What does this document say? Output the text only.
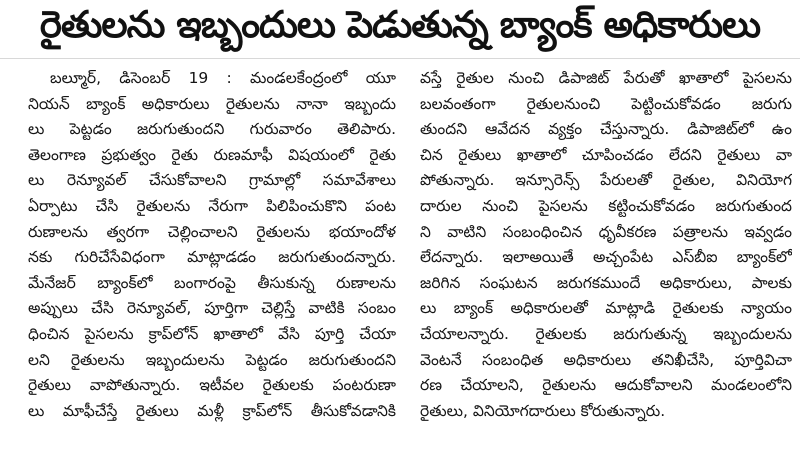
రైతులను ఇబ్బందులు పెడుతున్న బ్యాంక్ అధికారులు
బల్మూర్, డిసెంబర్ 19 : మండలకేంద్రంలో యూ
నియన్ బ్యాంక్ అధికారులు రైతులను నానా ఇబ్బందు
లు పెట్టడం జరుగుతుందని గురువారం తెలిపారు.
తెలంగాణ ప్రభుత్వం రైతు రుణమాఫీ విషయంలో రైతు
లు రెన్యూవల్ చేసుకోవాలని గ్రామాల్లో సమావేశాలు
ఏర్పాటు చేసి రైతులను నేరుగా పిలిపించుకొని పంట
రుణాలను త్వరగా చెల్లించాలని రైతులను భయాందోళ
నకు గురిచేసేవిధంగా మాట్లాడడం జరుగుతుందన్నారు.
మేనేజర్ బ్యాంక్‌లో బంగారంపై తీసుకున్న రుణాలను
అప్పులు చేసి రెన్యూవల్, పూర్తిగా చెల్లిస్తే వాటికి సంబం
ధించిన పైసలను క్రాప్‌లోన్ ఖాతాలో వేసి పూర్తి చేయా
లని రైతులను ఇబ్బందులను పెట్టడం జరుగుతుందని
రైతులు వాపోతున్నారు. ఇటీవల రైతులకు పంటరుణా
లు మాఫీచేస్తే రైతులు మళ్లీ క్రాప్‌లోన్ తీసుకోవడానికి
వస్తే రైతుల నుంచి డిపాజిట్ పేరుతో ఖాతాలో పైసలను
బలవంతంగా రైతులనుంచి పెట్టించుకోవడం జరుగు
తుందని ఆవేదన వ్యక్తం చేస్తున్నారు. డిపాజిట్‌లో ఉం
చిన రైతులు ఖాతాలో చూపించడం లేదని రైతులు వా
పోతున్నారు. ఇన్సూరెన్స్ పేరులతో రైతుల, వినియోగ
దారుల నుంచి పైసలను కట్టించుకోవడం జరుగుతుంద
ని వాటిని సంబంధించిన ధృవీకరణ పత్రాలను ఇవ్వడం
లేదన్నారు. ఇలాఅయితే అచ్చంపేట ఎస్‌బీఐ బ్యాంక్‌లో
జరిగిన సంఘటన జరుగకముందే అధికారులు, పాలకు
లు బ్యాంక్ అధికారులతో మాట్లాడి రైతులకు న్యాయం
చేయాలన్నారు. రైతులకు జరుగుతున్న ఇబ్బందులను
వెంటనే సంబంధిత అధికారులు తనిఖీచేసి, పూర్తివిచా
రణ చేయాలని, రైతులను ఆదుకోవాలని మండలంలోని
రైతులు, వినియోగదారులు కోరుతున్నారు.
